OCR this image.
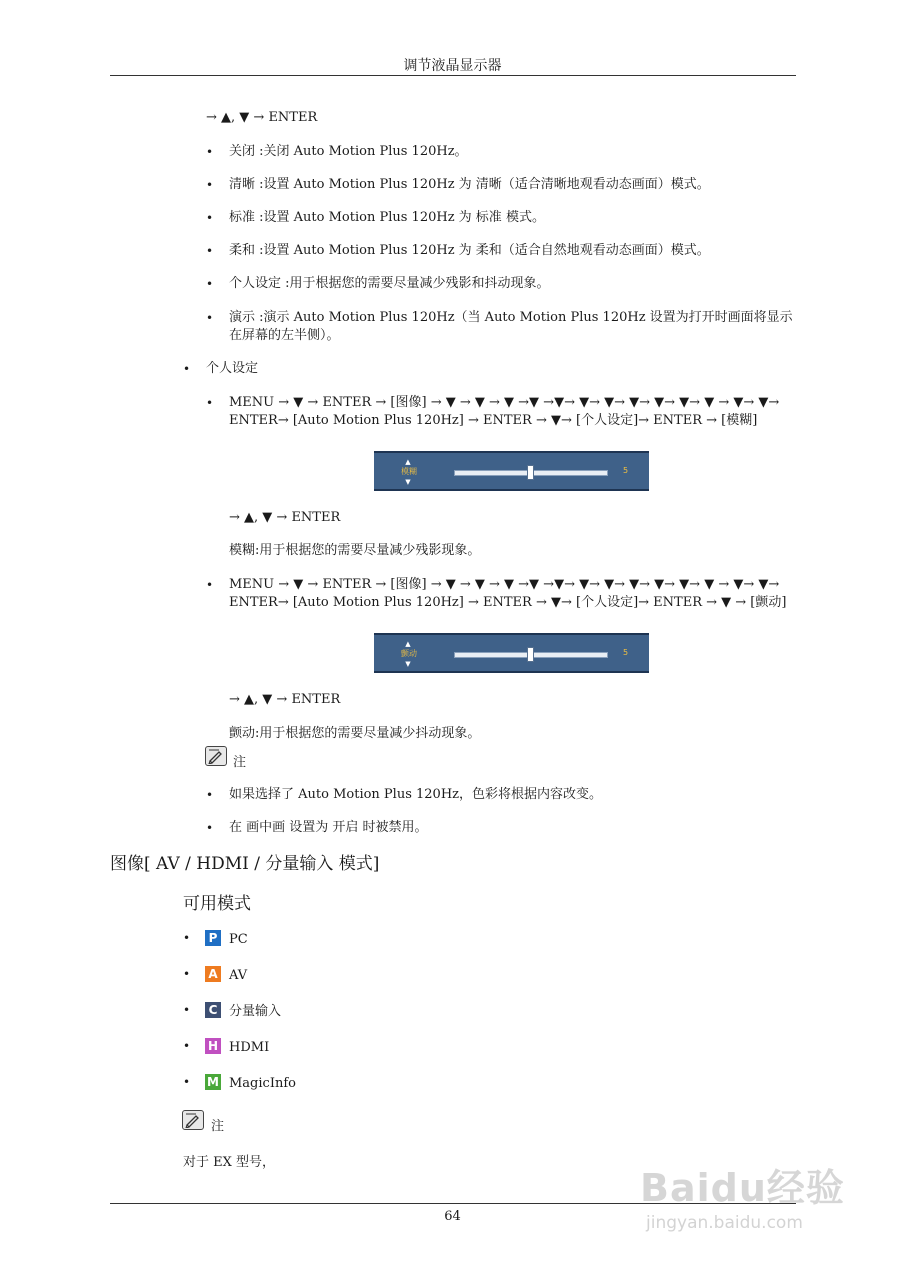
调节液晶显示器
→ ▲, ▼ → ENTER
• 关闭 :关闭 Auto Motion Plus 120Hz。
• 清晰 :设置 Auto Motion Plus 120Hz 为 清晰（适合清晰地观看动态画面）模式。
• 标准 :设置 Auto Motion Plus 120Hz 为 标准 模式。
• 柔和 :设置 Auto Motion Plus 120Hz 为 柔和（适合自然地观看动态画面）模式。
• 个人设定 :用于根据您的需要尽量减少残影和抖动现象。
• 演示 :演示 Auto Motion Plus 120Hz（当 Auto Motion Plus 120Hz 设置为打开时画面将显示在屏幕的左半侧）。
• 个人设定
• MENU → ▼ → ENTER → [图像] → ▼ → ▼ → ▼ →▼ →▼→ ▼→ ▼→ ▼→ ▼→ ▼→ ▼ → ▼→ ▼→ ENTER→ [Auto Motion Plus 120Hz] → ENTER → ▼→ [个人设定]→ ENTER → [模糊]
▲

▼
模糊	5
→ ▲, ▼ → ENTER
模糊:用于根据您的需要尽量减少残影现象。
• MENU → ▼ → ENTER → [图像] → ▼ → ▼ → ▼ →▼ →▼→ ▼→ ▼→ ▼→ ▼→ ▼→ ▼ → ▼→ ▼→ ENTER→ [Auto Motion Plus 120Hz] → ENTER → ▼→ [个人设定]→ ENTER → ▼ → [颤动]
▲

▼
颤动	5
→ ▲, ▼ → ENTER
颤动:用于根据您的需要尽量减少抖动现象。
注
• 如果选择了 Auto Motion Plus 120Hz，色彩将根据内容改变。
• 在 画中画 设置为 开启 时被禁用。
图像[ AV / HDMI / 分量输入 模式]
可用模式
• P PC
• A AV
• C 分量输入
• H HDMI
• M MagicInfo
注
对于 EX 型号，
64
Baidu经验
jingyan.baidu.com
